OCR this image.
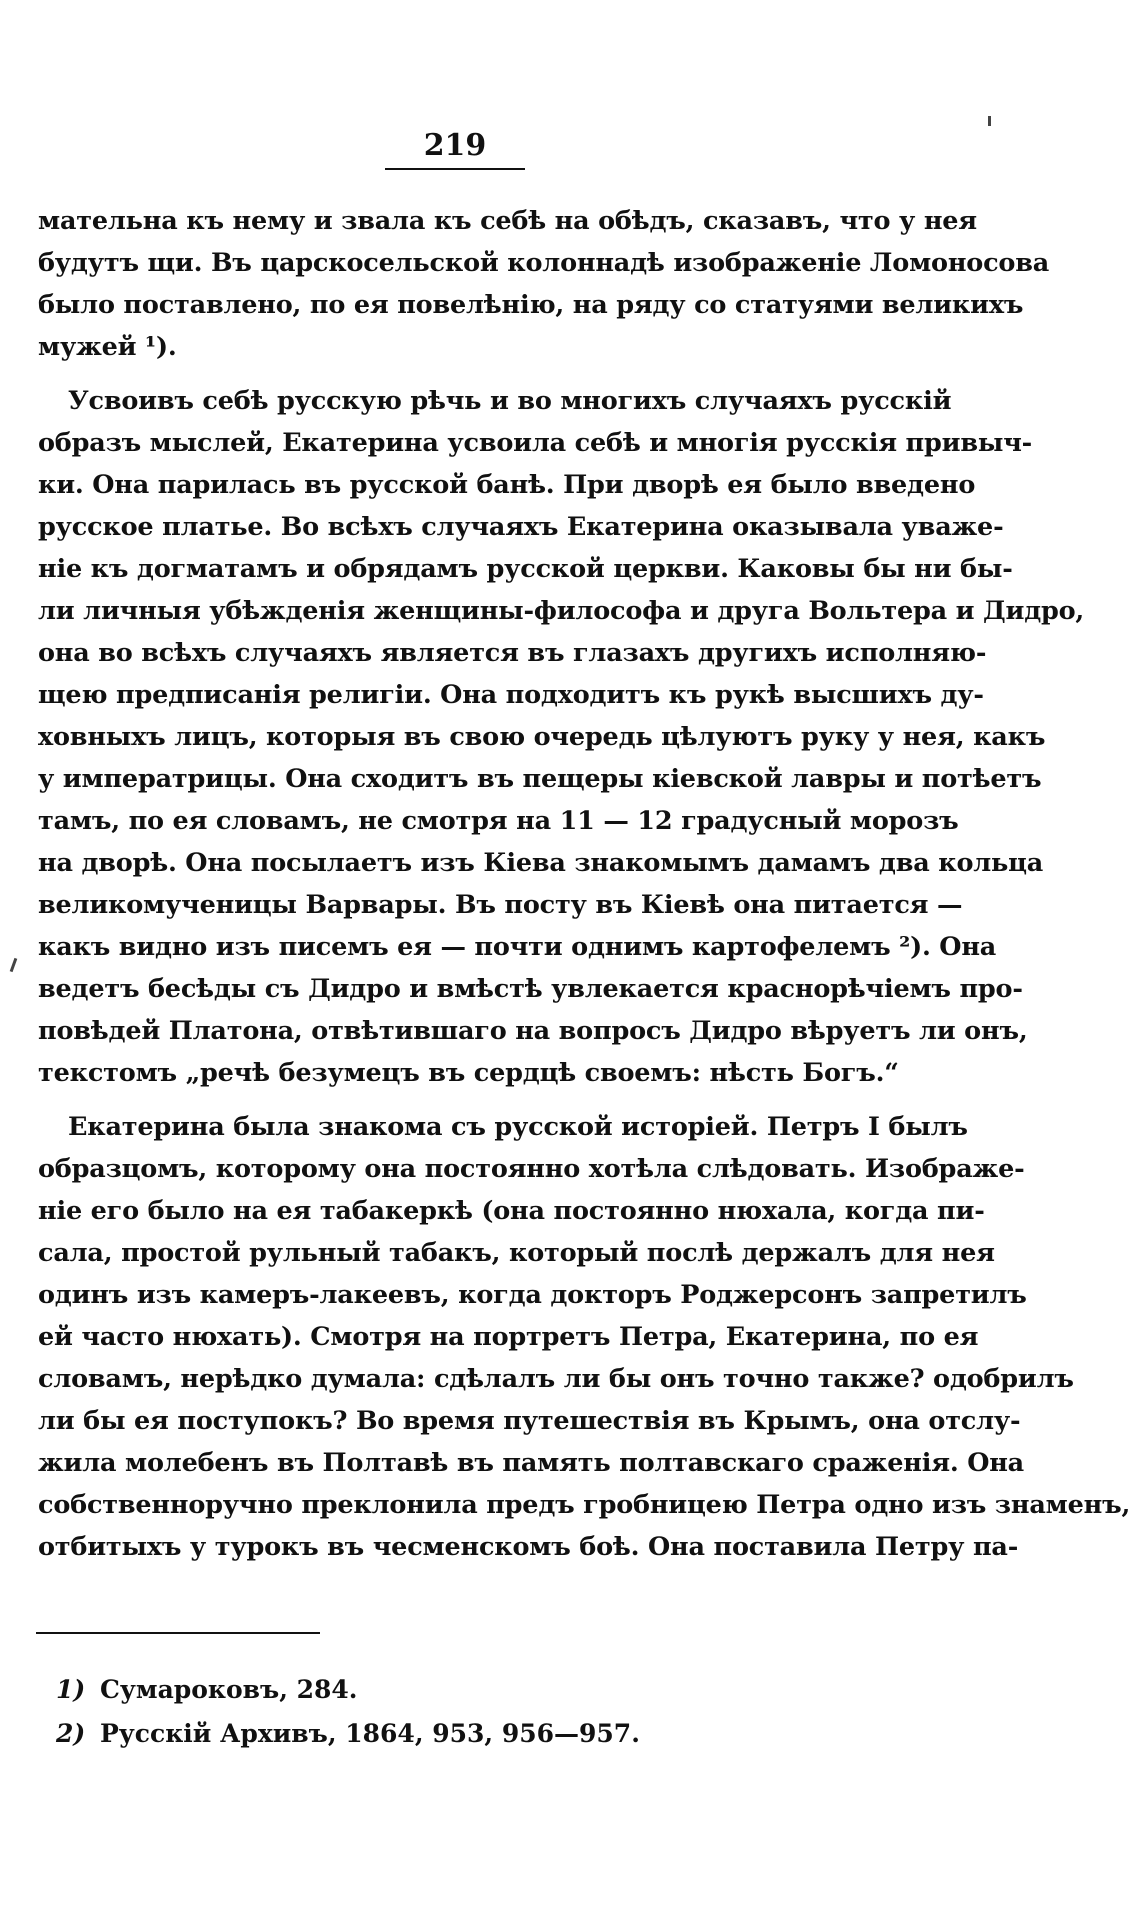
219
мательна къ нему и звала къ себѣ на обѣдъ, сказавъ, что у нея
будутъ щи. Въ царскосельской колоннадѣ изображенiе Ломоносова
было поставлено, по ея повелѣнiю, на ряду со статуями великихъ
мужей ¹).
Усвоивъ себѣ русскую рѣчь и во многихъ случаяхъ русскiй
образъ мыслей, Екатерина усвоила себѣ и многiя русскiя привыч-
ки. Она парилась въ русской банѣ. При дворѣ ея было введено
русское платье. Во всѣхъ случаяхъ Екатерина оказывала уваже-
нiе къ догматамъ и обрядамъ русской церкви. Каковы бы ни бы-
ли личныя убѣжденiя женщины-философа и друга Вольтера и Дидро,
она во всѣхъ случаяхъ является въ глазахъ другихъ исполняю-
щею предписанiя религiи. Она подходитъ къ рукѣ высшихъ ду-
ховныхъ лицъ, которыя въ свою очередь цѣлуютъ руку у нея, какъ
у императрицы. Она сходитъ въ пещеры кiевской лавры и потѣетъ
тамъ, по ея словамъ, не смотря на 11 — 12 градусный морозъ
на дворѣ. Она посылаетъ изъ Кiева знакомымъ дамамъ два кольца
великомученицы Варвары. Въ посту въ Кiевѣ она питается —
какъ видно изъ писемъ ея — почти однимъ картофелемъ ²). Она
ведетъ бесѣды съ Дидро и вмѣстѣ увлекается краснорѣчiемъ про-
повѣдей Платона, отвѣтившаго на вопросъ Дидро вѣруетъ ли онъ,
текстомъ „речѣ безумецъ въ сердцѣ своемъ: нѣсть Богъ.“
Екатерина была знакома съ русской исторiей. Петръ I былъ
образцомъ, которому она постоянно хотѣла слѣдовать. Изображе-
нiе его было на ея табакеркѣ (она постоянно нюхала, когда пи-
сала, простой рульный табакъ, который послѣ держалъ для нея
одинъ изъ камеръ-лакеевъ, когда докторъ Роджерсонъ запретилъ
ей часто нюхать). Смотря на портретъ Петра, Екатерина, по ея
словамъ, нерѣдко думала: сдѣлалъ ли бы онъ точно также? одобрилъ
ли бы ея поступокъ? Во время путешествiя въ Крымъ, она отслу-
жила молебенъ въ Полтавѣ въ память полтавскаго сраженiя. Она
собственноручно преклонила предъ гробницею Петра одно изъ знаменъ,
отбитыхъ у турокъ въ чесменскомъ боѣ. Она поставила Петру па-
1) Сумароковъ, 284.
2) Русскiй Архивъ, 1864, 953, 956—957.
